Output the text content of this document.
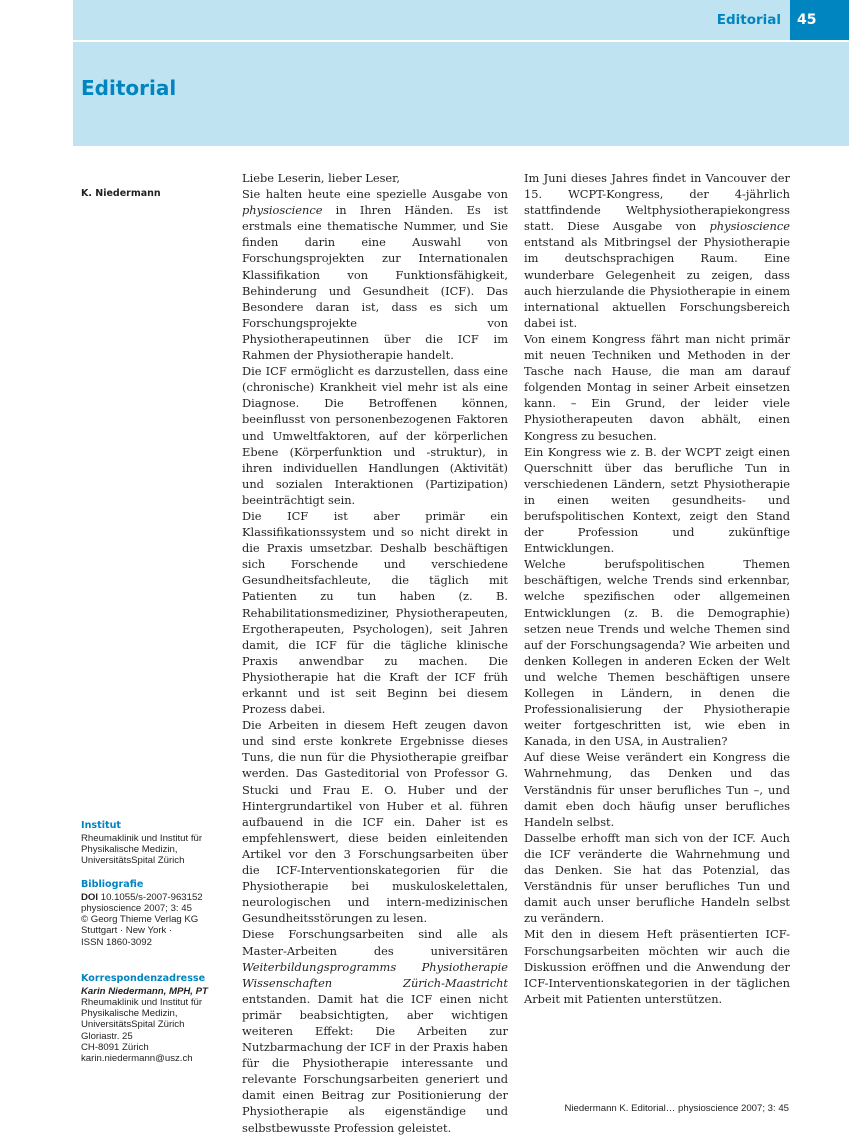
Editorial	45
Editorial
K. Niedermann
Institut
Rheumaklinik und Institut für
Physikalische Medizin,
UniversitätsSpital Zürich
Bibliografie
DOI 10.1055/s-2007-963152
physioscience 2007; 3: 45
© Georg Thieme Verlag KG
Stuttgart · New York ·
ISSN 1860-3092
Korrespondenzadresse
Karin Niedermann, MPH, PT
Rheumaklinik und Institut für
Physikalische Medizin,
UniversitätsSpital Zürich
Gloriastr. 25
CH-8091 Zürich
karin.niedermann@usz.ch

Liebe Leserin, lieber Leser,

Sie halten heute eine spezielle Ausgabe von physioscience in Ihren Händen. Es ist erstmals eine thematische Nummer, und Sie finden darin eine Auswahl von Forschungsprojekten zur Internationalen Klassifikation von Funktionsfähigkeit, Behinderung und Gesundheit (ICF). Das Besondere daran ist, dass es sich um Forschungsprojekte von Physiotherapeutinnen über die ICF im Rahmen der Physiotherapie handelt.

Die ICF ermöglicht es darzustellen, dass eine (chronische) Krankheit viel mehr ist als eine Diagnose. Die Betroffenen können, beeinflusst von personenbezogenen Faktoren und Umweltfaktoren, auf der körperlichen Ebene (Körperfunktion und -struktur), in ihren individuellen Handlungen (Aktivität) und sozialen Interaktionen (Partizipation) beeinträchtigt sein.

Die ICF ist aber primär ein Klassifikationssystem und so nicht direkt in die Praxis umsetzbar. Deshalb beschäftigen sich Forschende und verschiedene Gesundheitsfachleute, die täglich mit Patienten zu tun haben (z. B. Rehabilitationsmediziner, Physiotherapeuten, Ergotherapeuten, Psychologen), seit Jahren damit, die ICF für die tägliche klinische Praxis anwendbar zu machen. Die Physiotherapie hat die Kraft der ICF früh erkannt und ist seit Beginn bei diesem Prozess dabei.

Die Arbeiten in diesem Heft zeugen davon und sind erste konkrete Ergebnisse dieses Tuns, die nun für die Physiotherapie greifbar werden. Das Gasteditorial von Professor G. Stucki und Frau E. O. Huber und der Hintergrundartikel von Huber et al. führen aufbauend in die ICF ein. Daher ist es empfehlenswert, diese beiden einleitenden Artikel vor den 3 Forschungsarbeiten über die ICF-Interventionskategorien für die Physiotherapie bei muskuloskelettalen, neurologischen und intern-medizinischen Gesundheitsstörungen zu lesen.

Diese Forschungsarbeiten sind alle als Master-Arbeiten des universitären Weiterbildungsprogramms Physiotherapie Wissenschaften Zürich-Maastricht entstanden. Damit hat die ICF einen nicht primär beabsichtigten, aber wichtigen weiteren Effekt: Die Arbeiten zur Nutzbarmachung der ICF in der Praxis haben für die Physiotherapie interessante und relevante Forschungsarbeiten generiert und damit einen Beitrag zur Positionierung der Physiotherapie als eigenständige und selbstbewusste Profession geleistet.

Im Juni dieses Jahres findet in Vancouver der 15. WCPT-Kongress, der 4-jährlich stattfindende Weltphysiotherapiekongress statt. Diese Ausgabe von physioscience entstand als Mitbringsel der Physiotherapie im deutschsprachigen Raum. Eine wunderbare Gelegenheit zu zeigen, dass auch hierzulande die Physiotherapie in einem international aktuellen Forschungsbereich dabei ist.

Von einem Kongress fährt man nicht primär mit neuen Techniken und Methoden in der Tasche nach Hause, die man am darauf folgenden Montag in seiner Arbeit einsetzen kann. – Ein Grund, der leider viele Physiotherapeuten davon abhält, einen Kongress zu besuchen.

Ein Kongress wie z. B. der WCPT zeigt einen Querschnitt über das berufliche Tun in verschiedenen Ländern, setzt Physiotherapie in einen weiten gesundheits- und berufspolitischen Kontext, zeigt den Stand der Profession und zukünftige Entwicklungen.

Welche berufspolitischen Themen beschäftigen, welche Trends sind erkennbar, welche spezifischen oder allgemeinen Entwicklungen (z. B. die Demographie) setzen neue Trends und welche Themen sind auf der Forschungsagenda? Wie arbeiten und denken Kollegen in anderen Ecken der Welt und welche Themen beschäftigen unsere Kollegen in Ländern, in denen die Professionalisierung der Physiotherapie weiter fortgeschritten ist, wie eben in Kanada, in den USA, in Australien?

Auf diese Weise verändert ein Kongress die Wahrnehmung, das Denken und das Verständnis für unser berufliches Tun –, und damit eben doch häufig unser berufliches Handeln selbst.

Dasselbe erhofft man sich von der ICF. Auch die ICF veränderte die Wahrnehmung und das Denken. Sie hat das Potenzial, das Verständnis für unser berufliches Tun und damit auch unser berufliche Handeln selbst zu verändern.

Mit den in diesem Heft präsentierten ICF-Forschungsarbeiten möchten wir auch die Diskussion eröffnen und die Anwendung der ICF-Interventionskategorien in der täglichen Arbeit mit Patienten unterstützen.

Niedermann K. Editorial… physioscience 2007; 3: 45
